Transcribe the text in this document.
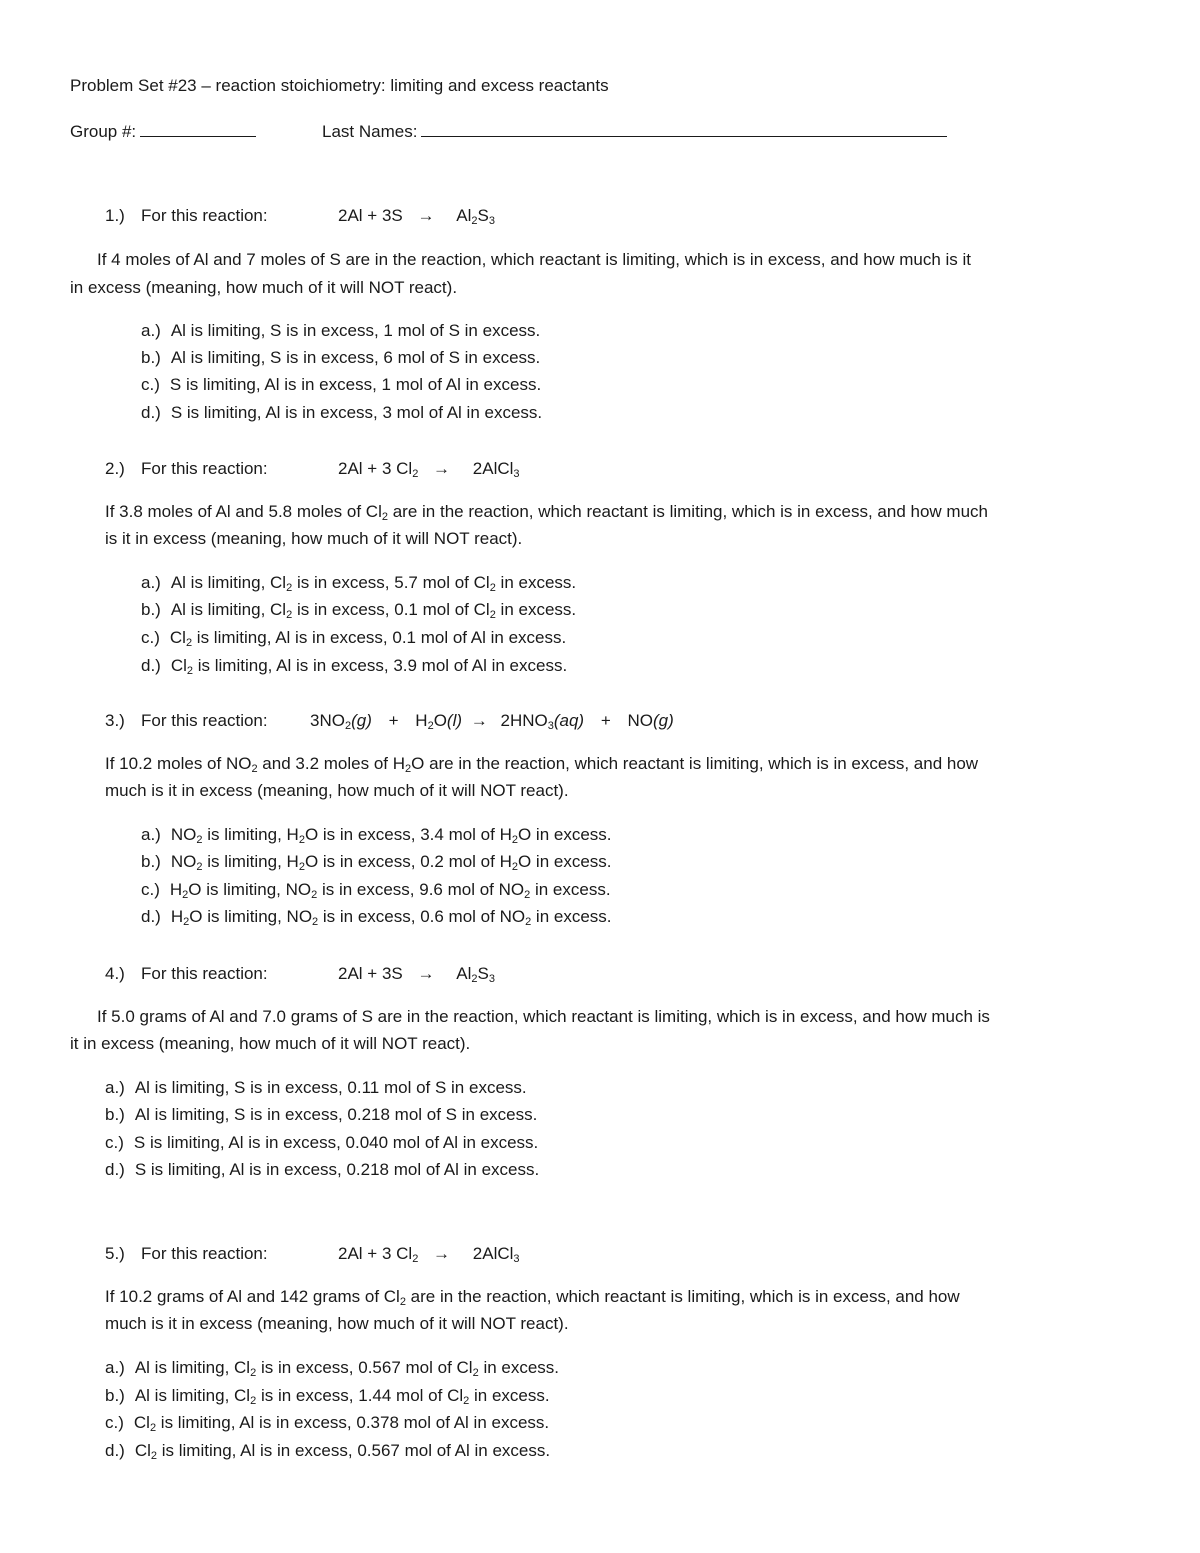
Problem Set #23 – reaction stoichiometry: limiting and excess reactants
Group #:	Last Names:
1.) For this reaction:	$2Al + 3S \to Al_2S_3$
If 4 moles of Al and 7 moles of S are in the reaction, which reactant is limiting, which is in excess, and how much is it
in excess (meaning, how much of it will NOT react).
a.) Al is limiting, S is in excess, 1 mol of S in excess.
b.) Al is limiting, S is in excess, 6 mol of S in excess.
c.) S is limiting, Al is in excess, 1 mol of Al in excess.
d.) S is limiting, Al is in excess, 3 mol of Al in excess.
2.) For this reaction:	2Al + 3 $Cl_2$ → 2AlCl$_3$
If 3.8 moles of Al and 5.8 moles of $Cl_2$ are in the reaction, which reactant is limiting, which is in excess, and how much
is it in excess (meaning, how much of it will NOT react).
a.) Al is limiting, $Cl_2$ is in excess, 5.7 mol of $Cl_2$ in excess.
b.) Al is limiting, $Cl_2$ is in excess, 0.1 mol of $Cl_2$ in excess.
c.) $Cl_2$ is limiting, Al is in excess, 0.1 mol of Al in excess.
d.) $Cl_2$ is limiting, Al is in excess, 3.9 mol of Al in excess.
3.) For this reaction: $3NO_2(g) + H_2O(l) \to 2HNO_3(aq) + NO(g)$
If 10.2 moles of $NO_2$ and 3.2 moles of $H_2O$ are in the reaction, which reactant is limiting, which is in excess, and how
much is it in excess (meaning, how much of it will NOT react).
a.) $NO_2$ is limiting, $H_2O$ is in excess, 3.4 mol of $H_2O$ in excess.
b.) $NO_2$ is limiting, $H_2O$ is in excess, 0.2 mol of $H_2O$ in excess.
c.) $H_2O$ is limiting, $NO_2$ is in excess, 9.6 mol of $NO_2$ in excess.
d.) $H_2O$ is limiting, $NO_2$ is in excess, 0.6 mol of $NO_2$ in excess.
4.) For this reaction:	$2Al + 3S \to Al_2S_3$
If 5.0 grams of Al and 7.0 grams of S are in the reaction, which reactant is limiting, which is in excess, and how much is
it in excess (meaning, how much of it will NOT react).
a.) Al is limiting, S is in excess, 0.11 mol of S in excess.
b.) Al is limiting, S is in excess, 0.218 mol of S in excess.
c.) S is limiting, Al is in excess, 0.040 mol of Al in excess.
d.) S is limiting, Al is in excess, 0.218 mol of Al in excess.
5.) For this reaction:	2Al + 3 $Cl_2$ → 2AlCl$_3$
If 10.2 grams of Al and 142 grams of $Cl_2$ are in the reaction, which reactant is limiting, which is in excess, and how
much is it in excess (meaning, how much of it will NOT react).
a.) Al is limiting, $Cl_2$ is in excess, 0.567 mol of $Cl_2$ in excess.
b.) Al is limiting, $Cl_2$ is in excess, 1.44 mol of $Cl_2$ in excess.
c.) $Cl_2$ is limiting, Al is in excess, 0.378 mol of Al in excess.
d.) $Cl_2$ is limiting, Al is in excess, 0.567 mol of Al in excess.
